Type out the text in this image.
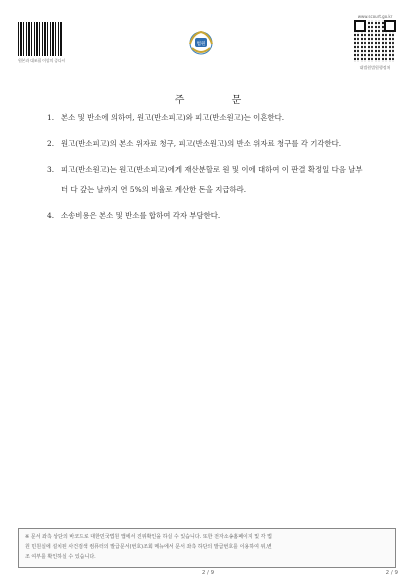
원본과 대조필 이상의 증다시
법원
www.scourt.go.kr
대법원법원행정처
주 문
1. 본소 및 반소에 의하여, 원고(반소피고)와 피고(반소원고)는 이혼한다.
2. 원고(반소피고)의 본소 위자료 청구, 피고(반소원고)의 반소 위자료 청구를 각 기각한다.
3. 피고(반소원고)는 원고(반소피고)에게 재산분할로 원 및 이에 대하여 이 판결 확정일 다음 날부터 다 갚는 날까지 연 5%의 비율로 계산한 돈을 지급하라.
4. 소송비용은 본소 및 반소를 합하여 각자 부담한다.
※ 문서 좌측 상단의 바코드로 대한민국법원 앱에서 진위확인을 하실 수 있습니다. 또한 전자소송홈페이지 및 각 법
원 민원실에 설치된 사건검색 컴퓨터의 발급문서(번호)조회 메뉴에서 문서 좌측 하단의 발급번호를 이용하여 위,변
조 여부를 확인하실 수 있습니다.
2 / 9	2 / 9
